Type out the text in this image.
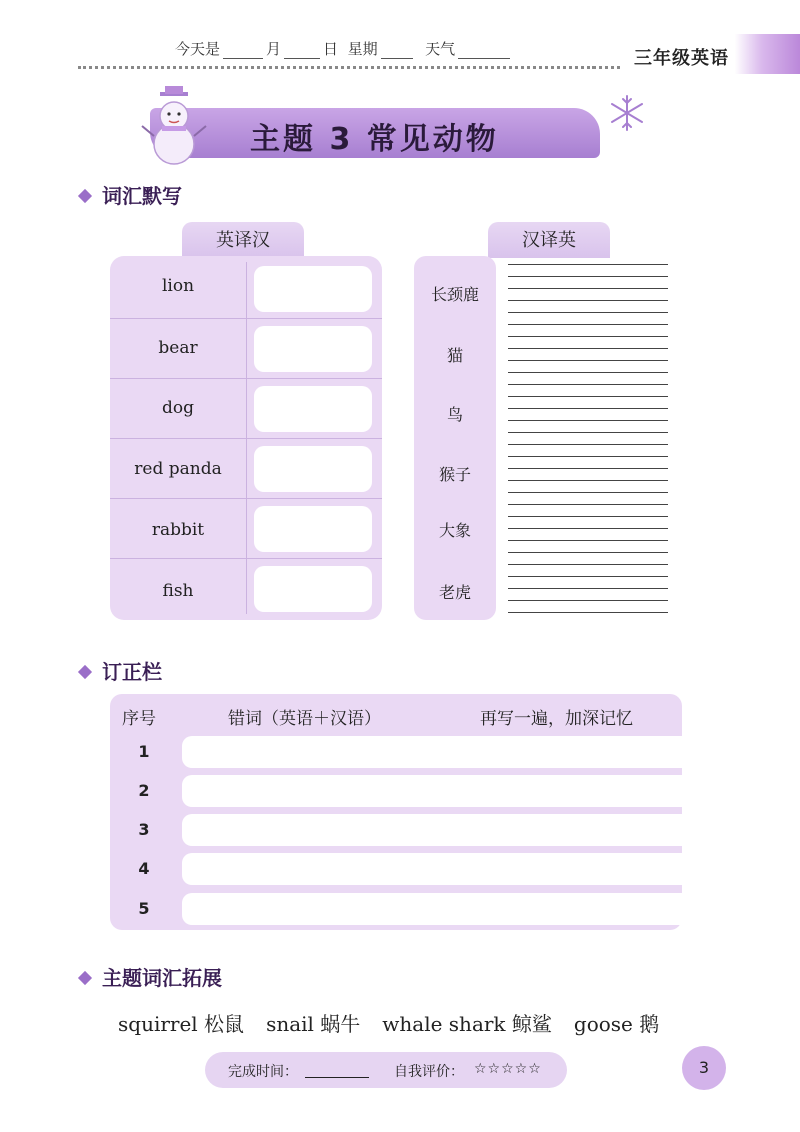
今天是	月	日 星期	天气	三年级英语
主题 3 常见动物
词汇默写
英译汉	汉译英
lion
bear
dog
red panda
rabbit
fish
长颈鹿
猫
鸟
猴子
大象
老虎
订正栏
序号	错词（英语＋汉语）	再写一遍，加深记忆
1
2
3
4
5
主题词汇拓展
squirrel 松鼠 snail 蜗牛 whale shark 鲸鲨 goose 鹅
完成时间：	自我评价： ☆☆☆☆☆	3
